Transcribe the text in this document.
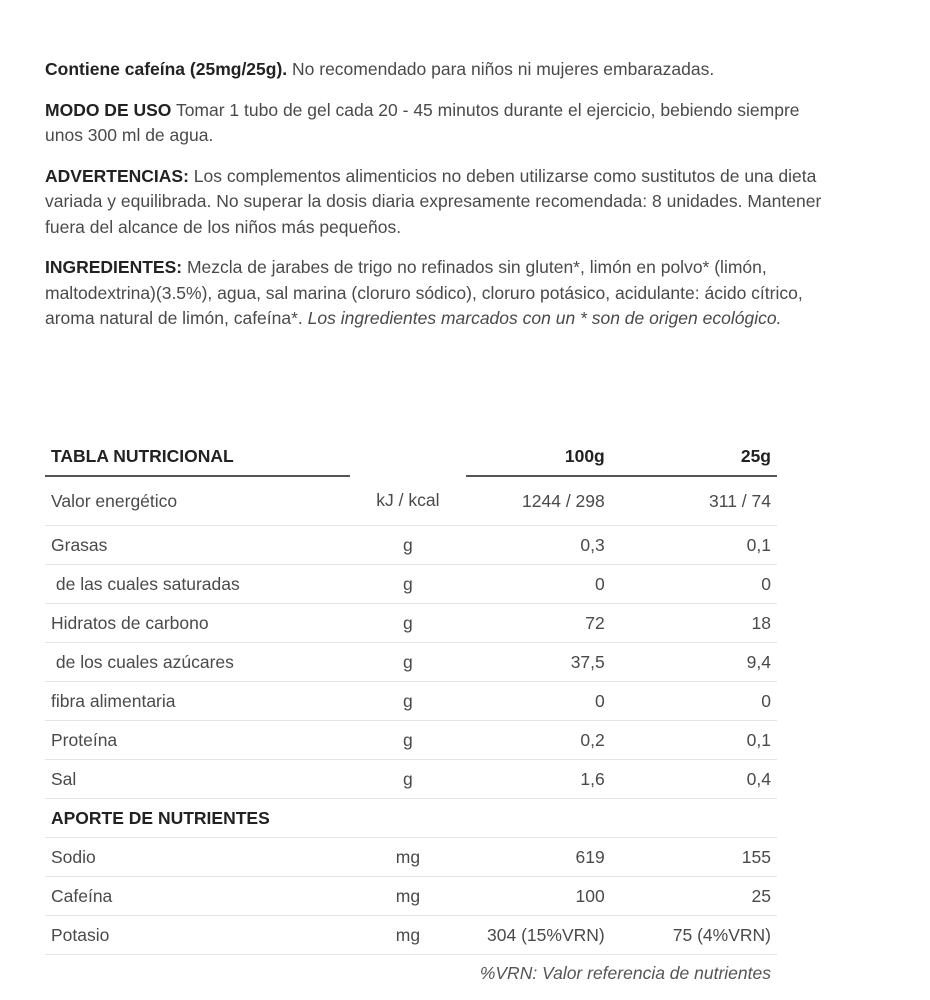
Contiene cafeína (25mg/25g). No recomendado para niños ni mujeres embarazadas.

MODO DE USO Tomar 1 tubo de gel cada 20 - 45 minutos durante el ejercicio, bebiendo siempre unos 300 ml de agua.

ADVERTENCIAS: Los complementos alimenticios no deben utilizarse como sustitutos de una dieta variada y equilibrada. No superar la dosis diaria expresamente recomendada: 8 unidades. Mantener fuera del alcance de los niños más pequeños.

INGREDIENTES: Mezcla de jarabes de trigo no refinados sin gluten*, limón en polvo* (limón, maltodextrina)(3.5%), agua, sal marina (cloruro sódico), cloruro potásico, acidulante: ácido cítrico, aroma natural de limón, cafeína*. Los ingredientes marcados con un * son de origen ecológico.

TABLA NUTRICIONAL		100g	25g
Valor energético	kJ / kcal	1244 / 298	311 / 74
Grasas	g	0,3	0,1
de las cuales saturadas	g	0	0
Hidratos de carbono	g	72	18
de los cuales azúcares	g	37,5	9,4
fibra alimentaria	g	0	0
Proteína	g	0,2	0,1
Sal	g	1,6	0,4
APORTE DE NUTRIENTES			
Sodio	mg	619	155
Cafeína	mg	100	25
Potasio	mg	304 (15%VRN)	75 (4%VRN)
%VRN: Valor referencia de nutrientes			
